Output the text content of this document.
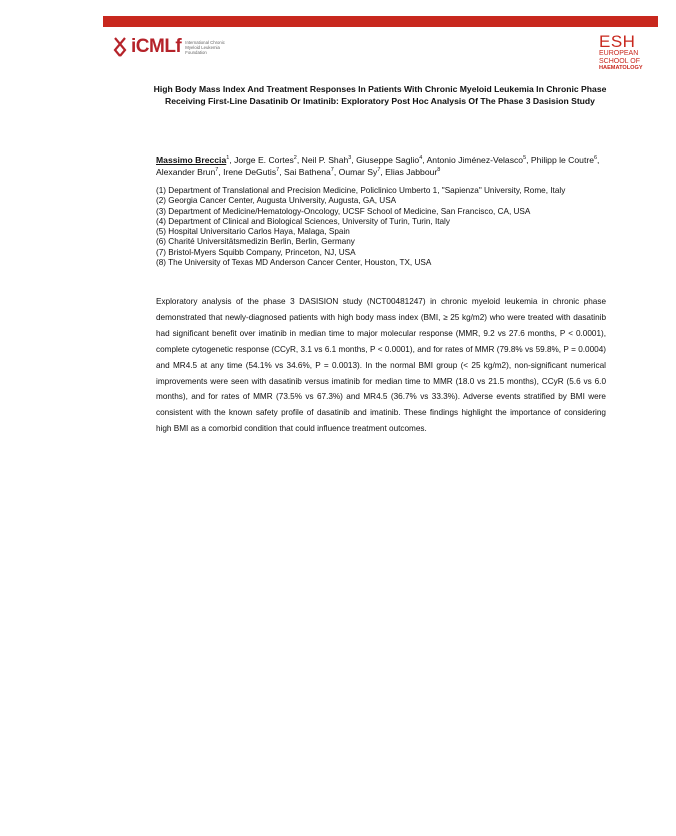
iCMLf International Chronic Myeloid Leukemia Foundation
ESH
EUROPEAN
SCHOOL OF
HAEMATOLOGY
High Body Mass Index And Treatment Responses In Patients With Chronic Myeloid Leukemia In Chronic Phase Receiving First-Line Dasatinib Or Imatinib: Exploratory Post Hoc Analysis Of The Phase 3 Dasision Study
Massimo Breccia$^1$, Jorge E. Cortes$^2$, Neil P. Shah$^3$, Giuseppe Saglio$^4$, Antonio Jiménez-Velasco$^5$, Philipp le Coutre$^6$, Alexander Brun$^7$, Irene DeGutis$^7$, Sai Bathena$^7$, Oumar Sy$^7$, Elias Jabbour$^8$
(1) Department of Translational and Precision Medicine, Policlinico Umberto 1, "Sapienza" University, Rome, Italy
(2) Georgia Cancer Center, Augusta University, Augusta, GA, USA
(3) Department of Medicine/Hematology-Oncology, UCSF School of Medicine, San Francisco, CA, USA
(4) Department of Clinical and Biological Sciences, University of Turin, Turin, Italy
(5) Hospital Universitario Carlos Haya, Malaga, Spain
(6) Charité Universitätsmedizin Berlin, Berlin, Germany
(7) Bristol-Myers Squibb Company, Princeton, NJ, USA
(8) The University of Texas MD Anderson Cancer Center, Houston, TX, USA
Exploratory analysis of the phase 3 DASISION study (NCT00481247) in chronic myeloid leukemia in chronic phase demonstrated that newly-diagnosed patients with high body mass index (BMI, ≥ 25 kg/m2) who were treated with dasatinib had significant benefit over imatinib in median time to major molecular response (MMR, 9.2 vs 27.6 months, P < 0.0001), complete cytogenetic response (CCyR, 3.1 vs 6.1 months, P < 0.0001), and for rates of MMR (79.8% vs 59.8%, P = 0.0004) and MR4.5 at any time (54.1% vs 34.6%, P = 0.0013). In the normal BMI group (< 25 kg/m2), non-significant numerical improvements were seen with dasatinib versus imatinib for median time to MMR (18.0 vs 21.5 months), CCyR (5.6 vs 6.0 months), and for rates of MMR (73.5% vs 67.3%) and MR4.5 (36.7% vs 33.3%). Adverse events stratified by BMI were consistent with the known safety profile of dasatinib and imatinib. These findings highlight the importance of considering high BMI as a comorbid condition that could influence treatment outcomes.
